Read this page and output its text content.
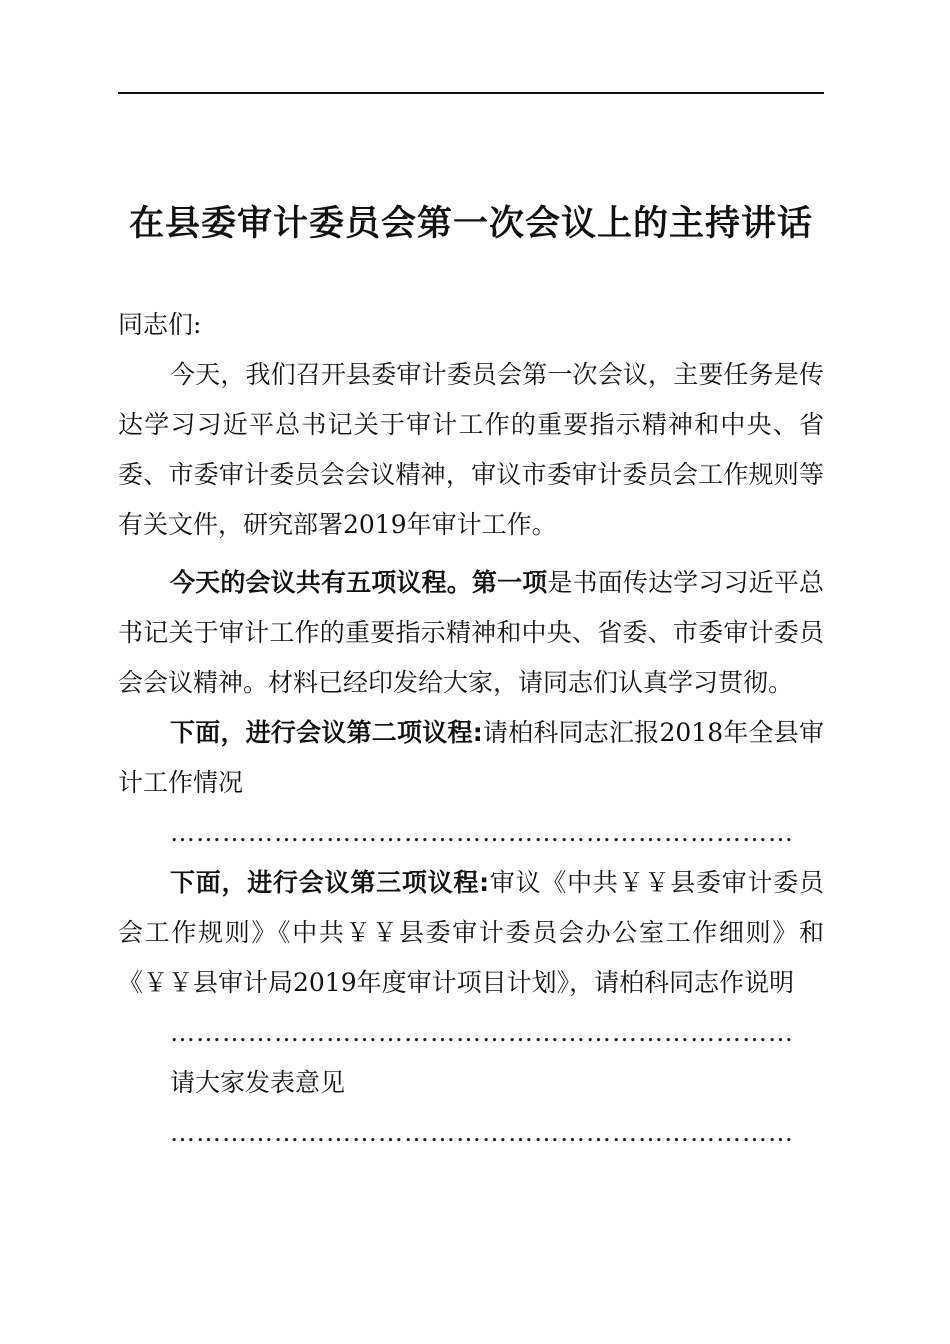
在县委审计委员会第一次会议上的主持讲话

同志们:

今天，我们召开县委审计委员会第一次会议，主要任务是传达学习习近平总书记关于审计工作的重要指示精神和中央、省委、市委审计委员会会议精神，审议市委审计委员会工作规则等有关文件，研究部署2019年审计工作。

今天的会议共有五项议程。第一项是书面传达学习习近平总书记关于审计工作的重要指示精神和中央、省委、市委审计委员会会议精神。材料已经印发给大家，请同志们认真学习贯彻。

下面，进行会议第二项议程:请柏科同志汇报2018年全县审计工作情况

………………………………………………………………

下面，进行会议第三项议程:审议《中共￥￥县委审计委员会工作规则》《中共￥￥县委审计委员会办公室工作细则》和《￥￥县审计局2019年度审计项目计划》，请柏科同志作说明

………………………………………………………………

请大家发表意见

………………………………………………………………
